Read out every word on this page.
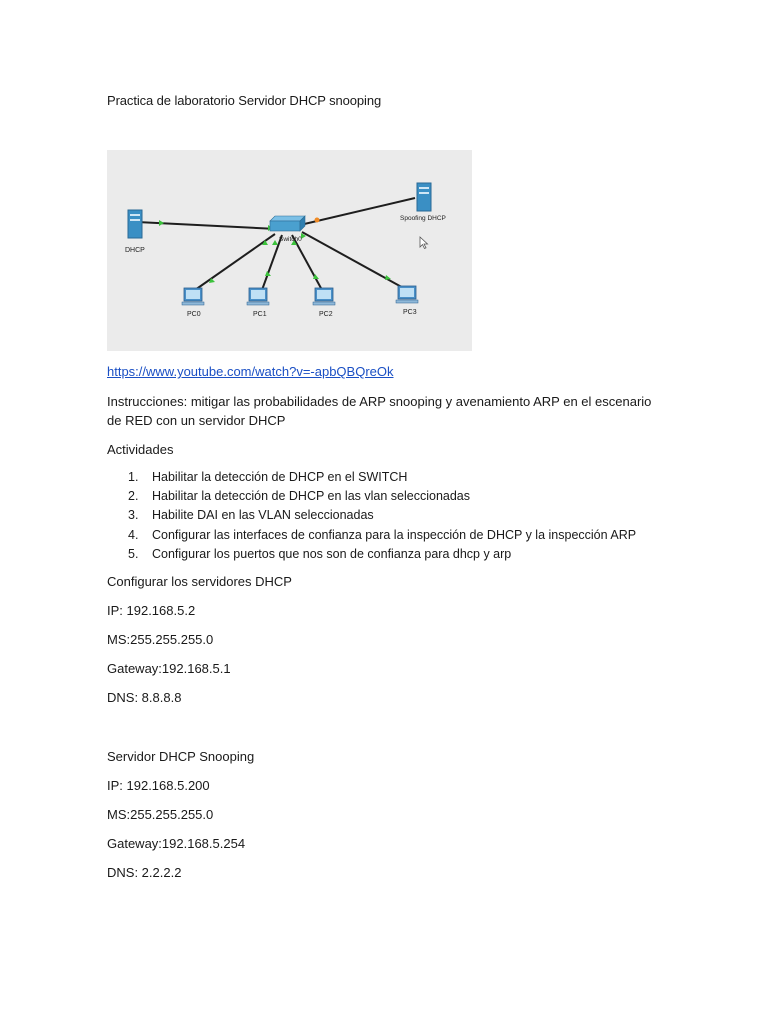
Practica de laboratorio Servidor DHCP snooping
DHCP
Spoofing DHCP
Switch0
PC0	PC1	PC2	PC3
https://www.youtube.com/watch?v=-apbQBQreOk
Instrucciones: mitigar las probabilidades de ARP snooping y avenamiento ARP en el escenario de RED con un servidor DHCP
Actividades
1. Habilitar la detección de DHCP en el SWITCH
2. Habilitar la detección de DHCP en las vlan seleccionadas
3. Habilite DAI en las VLAN seleccionadas
4. Configurar las interfaces de confianza para la inspección de DHCP y la inspección ARP
5. Configurar los puertos que nos son de confianza para dhcp y arp
Configurar los servidores DHCP
IP: 192.168.5.2
MS:255.255.255.0
Gateway:192.168.5.1
DNS: 8.8.8.8
Servidor DHCP Snooping
IP: 192.168.5.200
MS:255.255.255.0
Gateway:192.168.5.254
DNS: 2.2.2.2
